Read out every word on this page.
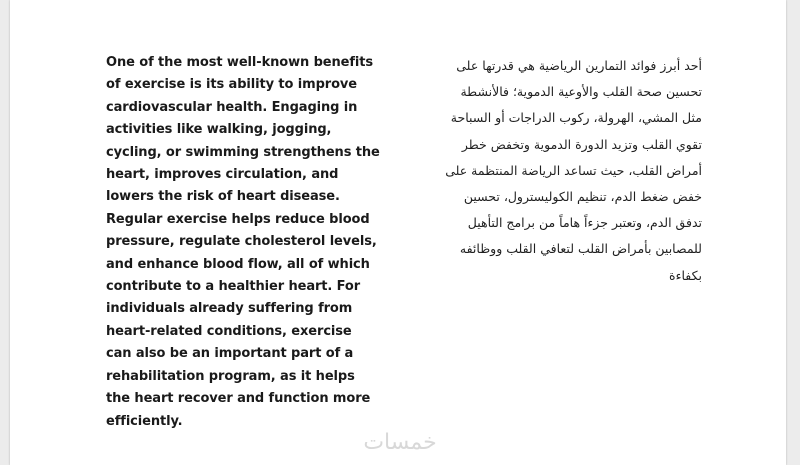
One of the most well-known benefits of exercise is its ability to improve cardiovascular health. Engaging in activities like walking, jogging, cycling, or swimming strengthens the heart, improves circulation, and lowers the risk of heart disease. Regular exercise helps reduce blood pressure, regulate cholesterol levels, and enhance blood flow, all of which contribute to a healthier heart. For individuals already suffering from heart-related conditions, exercise can also be an important part of a rehabilitation program, as it helps the heart recover and function more efficiently.
أحد أبرز فوائد التمارين الرياضية هي قدرتها على تحسين صحة القلب والأوعية الدموية؛ فالأنشطة مثل المشي، الهرولة، ركوب الدراجات أو السباحة تقوي القلب وتزيد الدورة الدموية وتخفض خطر أمراض القلب، حيث تساعد الرياضة المنتظمة على خفض ضغط الدم، تنظيم الكوليسترول، تحسين تدفق الدم، وتعتبر جزءاً هاماً من برامج التأهيل للمصابين بأمراض القلب لتعافي القلب ووظائفه بكفاءة
خمسات
